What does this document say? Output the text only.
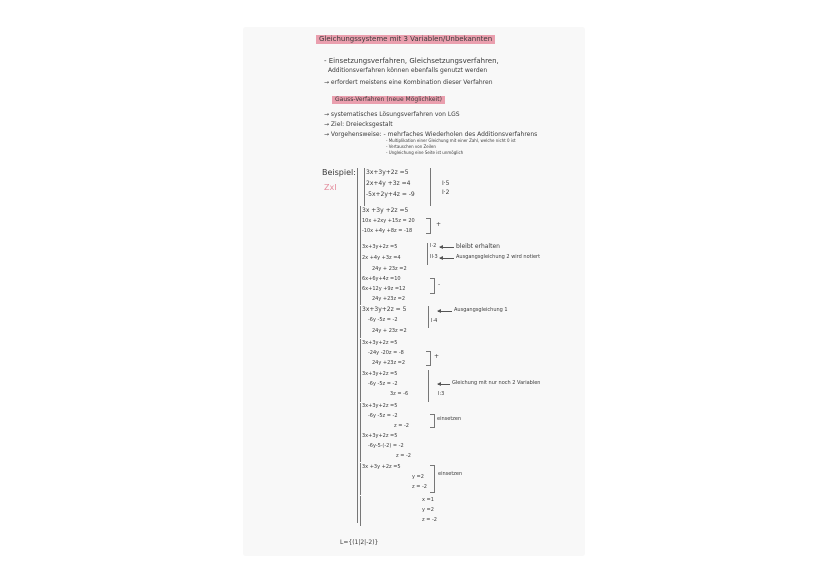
Gleichungssysteme mit 3 Variablen/Unbekannten
- Einsetzungsverfahren, Gleichsetzungsverfahren,
Additionsverfahren können ebenfalls genutzt werden
→ erfordert meistens eine Kombination dieser Verfahren
Gauss-Verfahren (neue Möglichkeit)
→ systematisches Lösungsverfahren von LGS
→ Ziel: Dreiecksgestalt
→ Vorgehensweise: - mehrfaches Wiederholen des Additionsverfahrens
- Multiplikation einer Gleichung mit einer Zahl, welche nicht 0 ist
- Vertauschen von Zeilen
- Ungleichung eine Seite ist unmöglich
Beispiel:
ZxI
3x+3y+2z =5
2x+4y +3z =4
-5x+2y+4z = -9
I·5
I·2
3x +3y +2z =5
10x +2xy +15z = 20
-10x +4y +8z = -18
+
3x+3y+2z =5
2x +4y +3z =4
24y + 23z =2
I·2
II·3
bleibt erhalten
Ausgangsgleichung 2 wird notiert
6x+6y+4z =10
6x+12y +9z =12
24y +23z =2
-
3x+3y+2z = 5
-6y -5z = -2
24y + 23z =2
I·4
Ausgangsgleichung 1
3x+3y+2z =5
-24y -20z = -8
24y +23z =2
+
3x+3y+2z =5
-6y -5z = -2
3z = -6	I:3
Gleichung mit nur noch 2 Variablen
3x+3y+2z =5
-6y -5z = -2
z = -2
einsetzen
3x+3y+2z =5
-6y-5·(-2) = -2
z = -2
3x +3y +2z =5
y =2
z = -2
einsetzen
x =1
y =2
z = -2
L={(1|2|-2)}
